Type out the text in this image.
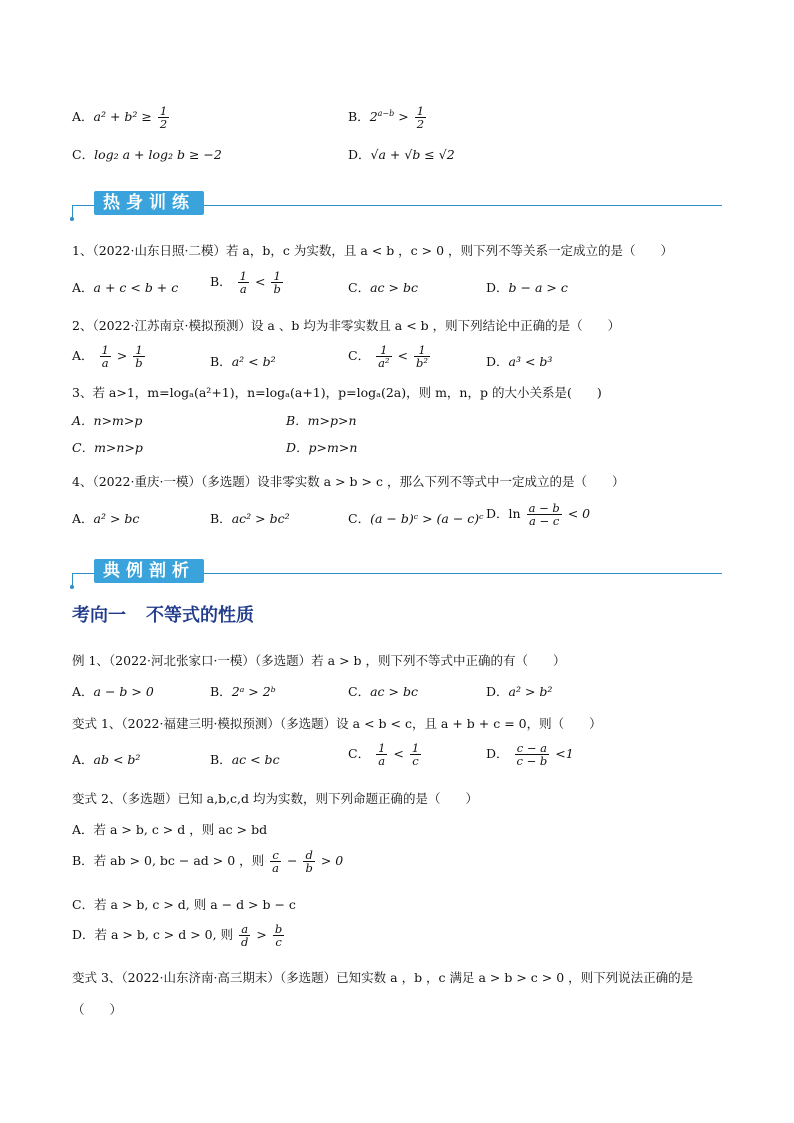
A．$a^2 + b^2 \ge \frac{1}{2}$	B．$2^{a-b} > \frac{1}{2}$
C．log₂ a + log₂ b ≥ −2	D．√a + √b ≤ √2
热身训练
1、（2022·山东日照·二模）若 a，b，c 为实数，且 a < b ，c > 0 ，则下列不等关系一定成立的是（　　）
A．a + c < b + c	B． $\frac{1}{a} < \frac{1}{b}$	C．ac > bc	D．b − a > c
2、（2022·江苏南京·模拟预测）设 a 、b 均为非零实数且 a < b ，则下列结论中正确的是（　　）
A． $\frac{1}{a} > \frac{1}{b}$	B．a² < b²	C． $\frac{1}{\text{a²}} < \frac{1}{\text{b²}}$	D．a³ < b³
3、若 a>1，m=logₐ(a²+1)，n=logₐ(a+1)，p=logₐ(2a)，则 m，n，p 的大小关系是(　　)
A．n>m>p	B．m>p>n
C．m>n>p	D．p>m>n
4、（2022·重庆·一模）（多选题）设非零实数 a > b > c ，那么下列不等式中一定成立的是（　　）
A．a² > bc	B．ac² > bc²	C．(a − b)ᶜ > (a − c)ᶜ D．$\ln \frac{a - b}{a - c} < 0$
典例剖析
考向一 不等式的性质
例 1、（2022·河北张家口·一模）（多选题）若 a > b ，则下列不等式中正确的有（　　）
A．a − b > 0	B．2ᵃ > 2ᵇ	C．ac > bc	D．a² > b²
变式 1、（2022·福建三明·模拟预测）（多选题）设 a < b < c，且 a + b + c = 0，则（　　）
A．ab < b²	B．ac < bc	C． $\frac{1}{a} < \frac{1}{c}$	D． $\frac{c - a}{c - b} <1$
变式 2、（多选题）已知 a,b,c,d 均为实数，则下列命题正确的是（　　）
A．若 a > b, c > d ，则 ac > bd
B．若 ab > 0, bc − ad > 0 ，则 $\frac{c}{a} - \frac{d}{b} > 0$
C．若 a > b, c > d, 则 a − d > b − c
D．若 a > b, c > d > 0, 则 $\frac{a}{d} > \frac{b}{c}$
变式 3、（2022·山东济南·高三期末）（多选题）已知实数 a ，b ，c 满足 a > b > c > 0 ，则下列说法正确的是
（　　）
